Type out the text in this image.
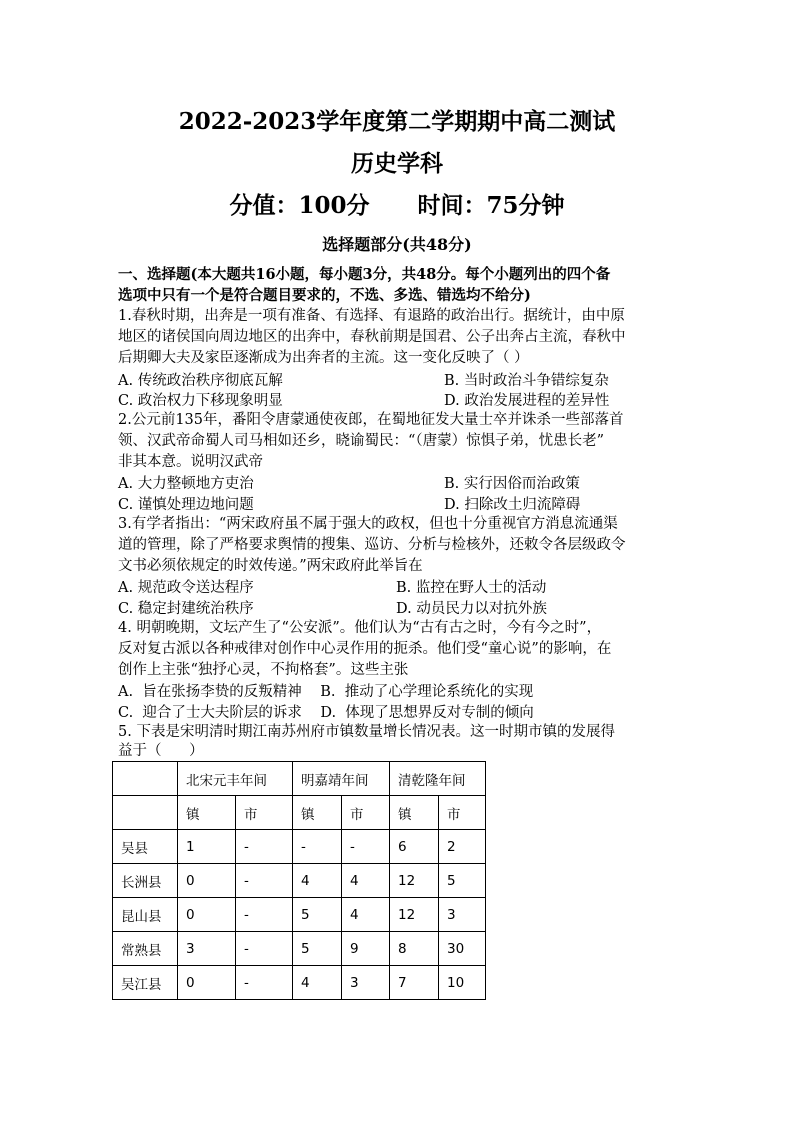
2022-2023学年度第二学期期中高二测试
历史学科
分值：100分      时间：75分钟
选择题部分(共48分)
一、选择题(本大题共16小题，每小题3分，共48分。每个小题列出的四个备
选项中只有一个是符合题目要求的，不选、多选、错选均不给分)
1.春秋时期，出奔是一项有准备、有选择、有退路的政治出行。据统计，由中原
地区的诸侯国向周边地区的出奔中，春秋前期是国君、公子出奔占主流，春秋中
后期卿大夫及家臣逐渐成为出奔者的主流。这一变化反映了（ ）
A. 传统政治秩序彻底瓦解	B. 当时政治斗争错综复杂
C. 政治权力下移现象明显	D. 政治发展进程的差异性
2.公元前135年，番阳令唐蒙通使夜郎，在蜀地征发大量士卒并诛杀一些部落首
领、汉武帝命蜀人司马相如还乡，晓谕蜀民：“（唐蒙）惊惧子弟，忧患长老”
非其本意。说明汉武帝
A. 大力整顿地方吏治	B. 实行因俗而治政策
C. 谨慎处理边地问题	D. 扫除改土归流障碍
3.有学者指出：“两宋政府虽不属于强大的政权，但也十分重视官方消息流通渠
道的管理，除了严格要求舆情的搜集、巡访、分析与检核外，还敕令各层级政令
文书必须依规定的时效传递。”两宋政府此举旨在
A. 规范政令送达程序	B. 监控在野人士的活动
C. 稳定封建统治秩序	D. 动员民力以对抗外族
4. 明朝晚期，文坛产生了“公安派”。他们认为“古有古之时，今有今之时”，
反对复古派以各种戒律对创作中心灵作用的扼杀。他们受“童心说”的影响，在
创作上主张“独抒心灵，不拘格套”。这些主张
A.  旨在张扬李贽的反叛精神    B.  推动了心学理论系统化的实现
C.  迎合了士大夫阶层的诉求    D.  体现了思想界反对专制的倾向
5. 下表是宋明清时期江南苏州府市镇数量增长情况表。这一时期市镇的发展得
益于（      ）
	北宋元丰年间		明嘉靖年间		清乾隆年间	
	镇	市	镇	市	镇	市
吴县	1	-	-	-	6	2
长洲县	0	-	4	4	12	5
昆山县	0	-	5	4	12	3
常熟县	3	-	5	9	8	30
吴江县	0	-	4	3	7	10
